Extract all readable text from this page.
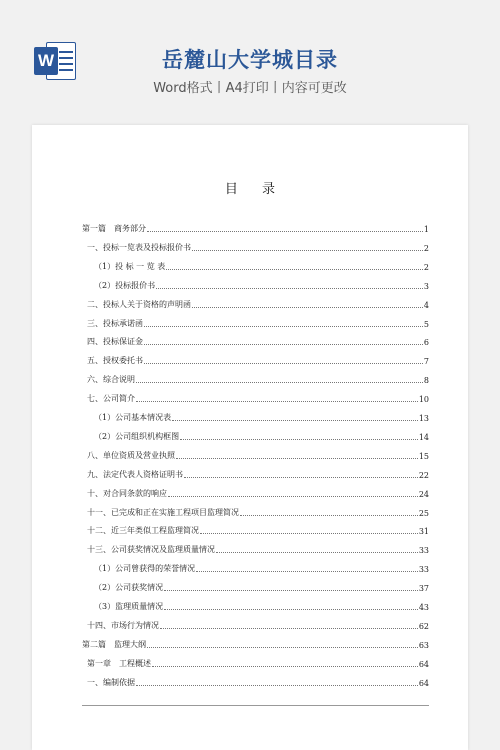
W	岳麓山大学城目录
Word格式丨A4打印丨内容可更改
目 录
第一篇　商务部分	1
一、投标一览表及投标报价书	2
（1）投 标 一 览 表	2
（2）投标报价书	3
二、投标人关于资格的声明函	4
三、投标承诺函	5
四、投标保证金	6
五、授权委托书	7
六、综合说明	8
七、公司简介	10
（1）公司基本情况表	13
（2）公司组织机构框图	14
八、单位资质及营业执照	15
九、法定代表人资格证明书	22
十、对合同条款的响应	24
十一、已完成和正在实施工程项目监理简况	25
十二、近三年类似工程监理简况	31
十三、公司获奖情况及监理质量情况	33
（1）公司曾获得的荣誉情况	33
（2）公司获奖情况	37
（3）监理质量情况	43
十四、市场行为情况	62
第二篇　监理大纲	63
第一章　工程概述	64
一、编制依据	64
